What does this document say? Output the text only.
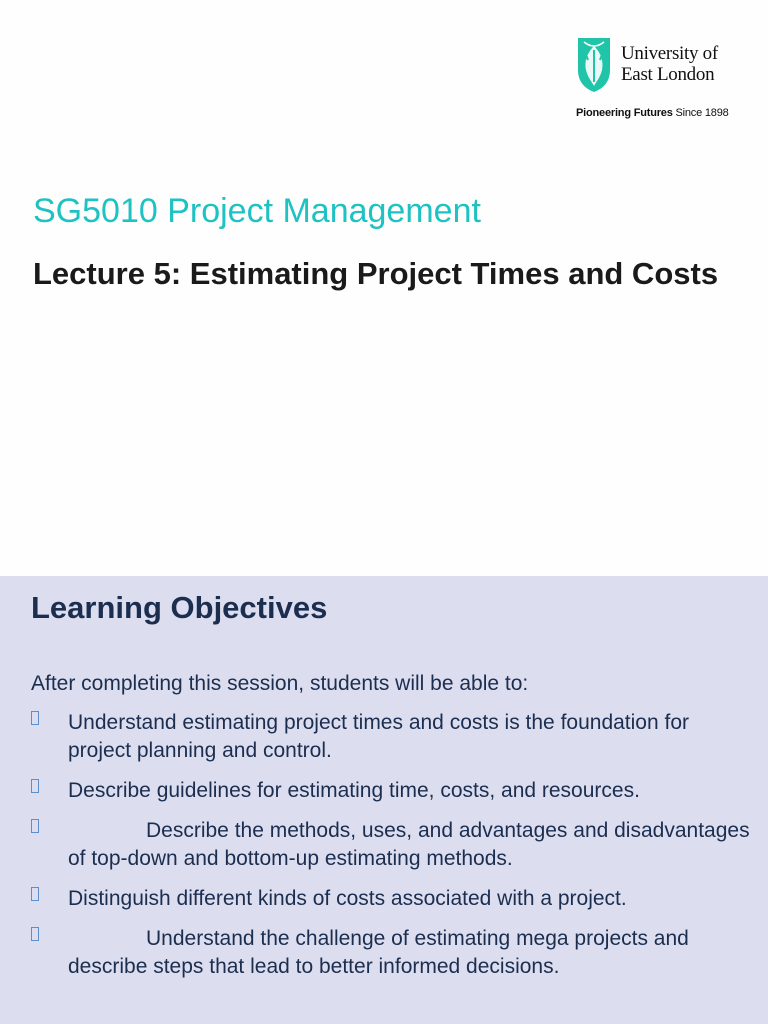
University of
East London
Pioneering Futures Since 1898
SG5010 Project Management
Lecture 5: Estimating Project Times and Costs
Learning Objectives
After completing this session, students will be able to:
Understand estimating project times and costs is the foundation for project planning and control.
Describe guidelines for estimating time, costs, and resources.
Describe the methods, uses, and advantages and disadvantages of top-down and bottom-up estimating methods.
Distinguish different kinds of costs associated with a project.
Understand the challenge of estimating mega projects and describe steps that lead to better informed decisions.
